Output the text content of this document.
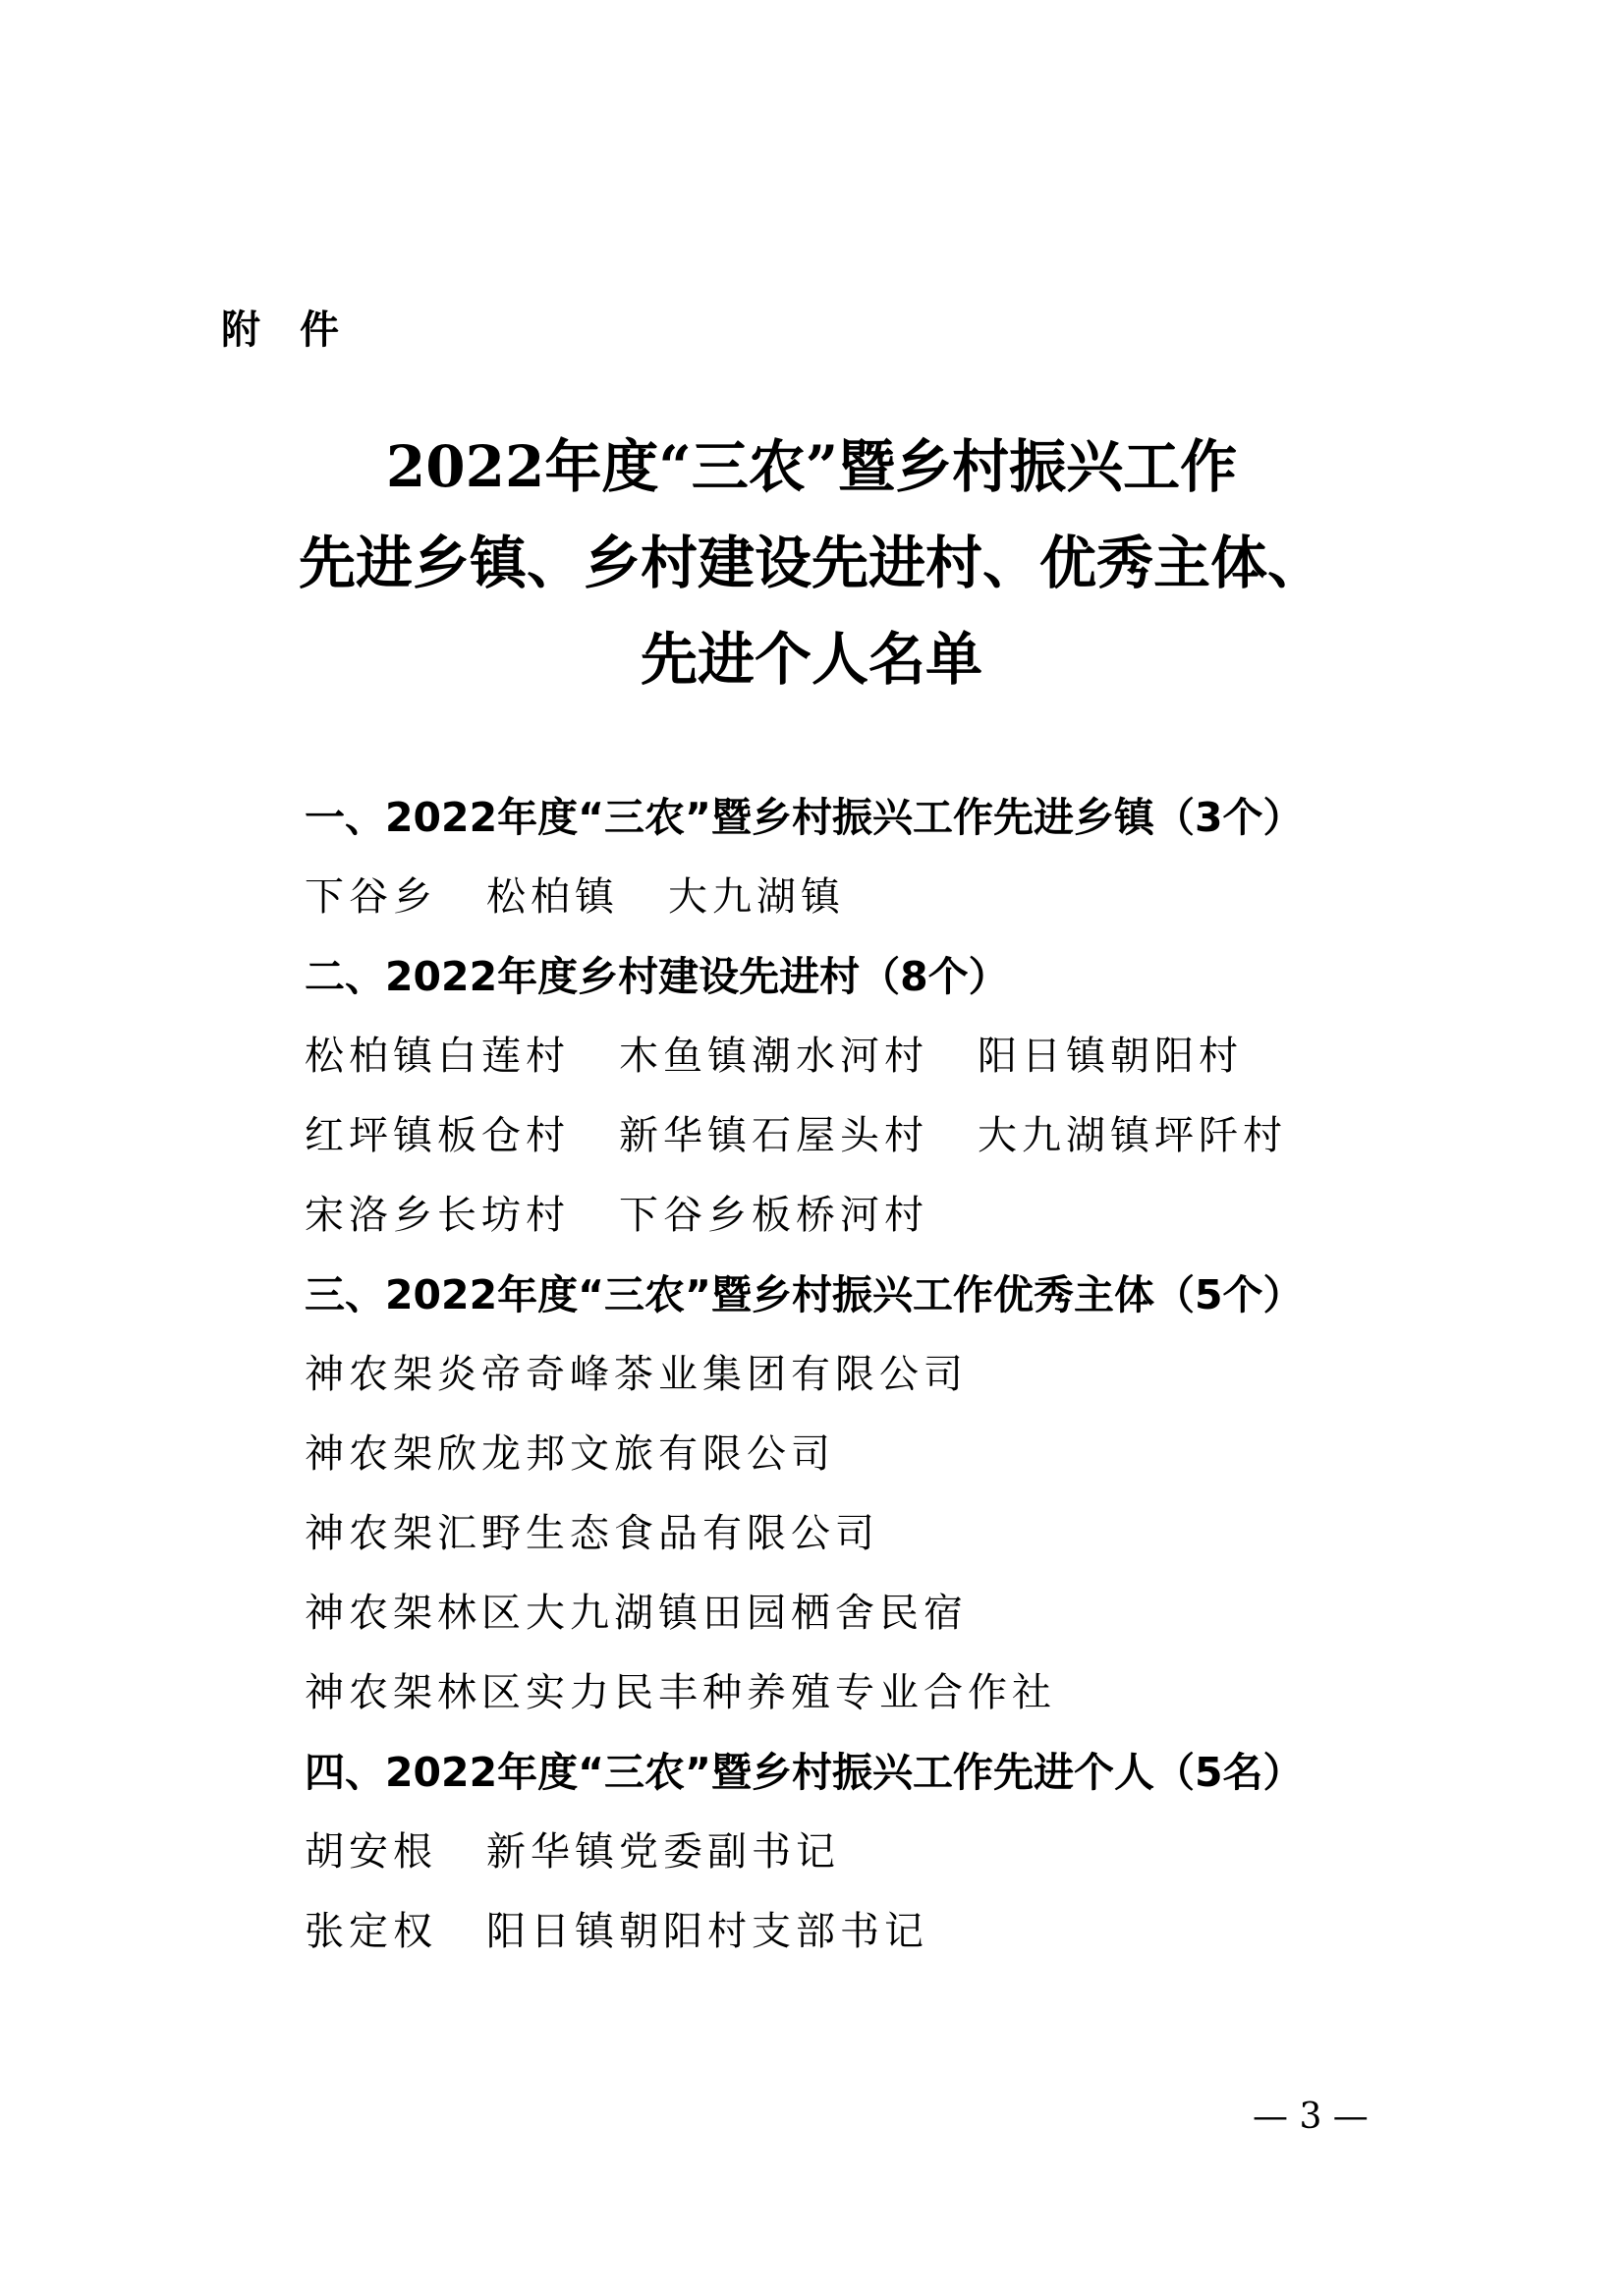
附件
2022年度“三农”暨乡村振兴工作
先进乡镇、乡村建设先进村、优秀主体、
先进个人名单
一、2022年度“三农”暨乡村振兴工作先进乡镇（3个）
下谷乡 松柏镇 大九湖镇
二、2022年度乡村建设先进村（8个）
松柏镇白莲村 木鱼镇潮水河村 阳日镇朝阳村
红坪镇板仓村 新华镇石屋头村 大九湖镇坪阡村
宋洛乡长坊村 下谷乡板桥河村
三、2022年度“三农”暨乡村振兴工作优秀主体（5个）
神农架炎帝奇峰茶业集团有限公司
神农架欣龙邦文旅有限公司
神农架汇野生态食品有限公司
神农架林区大九湖镇田园栖舍民宿
神农架林区实力民丰种养殖专业合作社
四、2022年度“三农”暨乡村振兴工作先进个人（5名）
胡安根 新华镇党委副书记
张定权 阳日镇朝阳村支部书记
— 3 —
